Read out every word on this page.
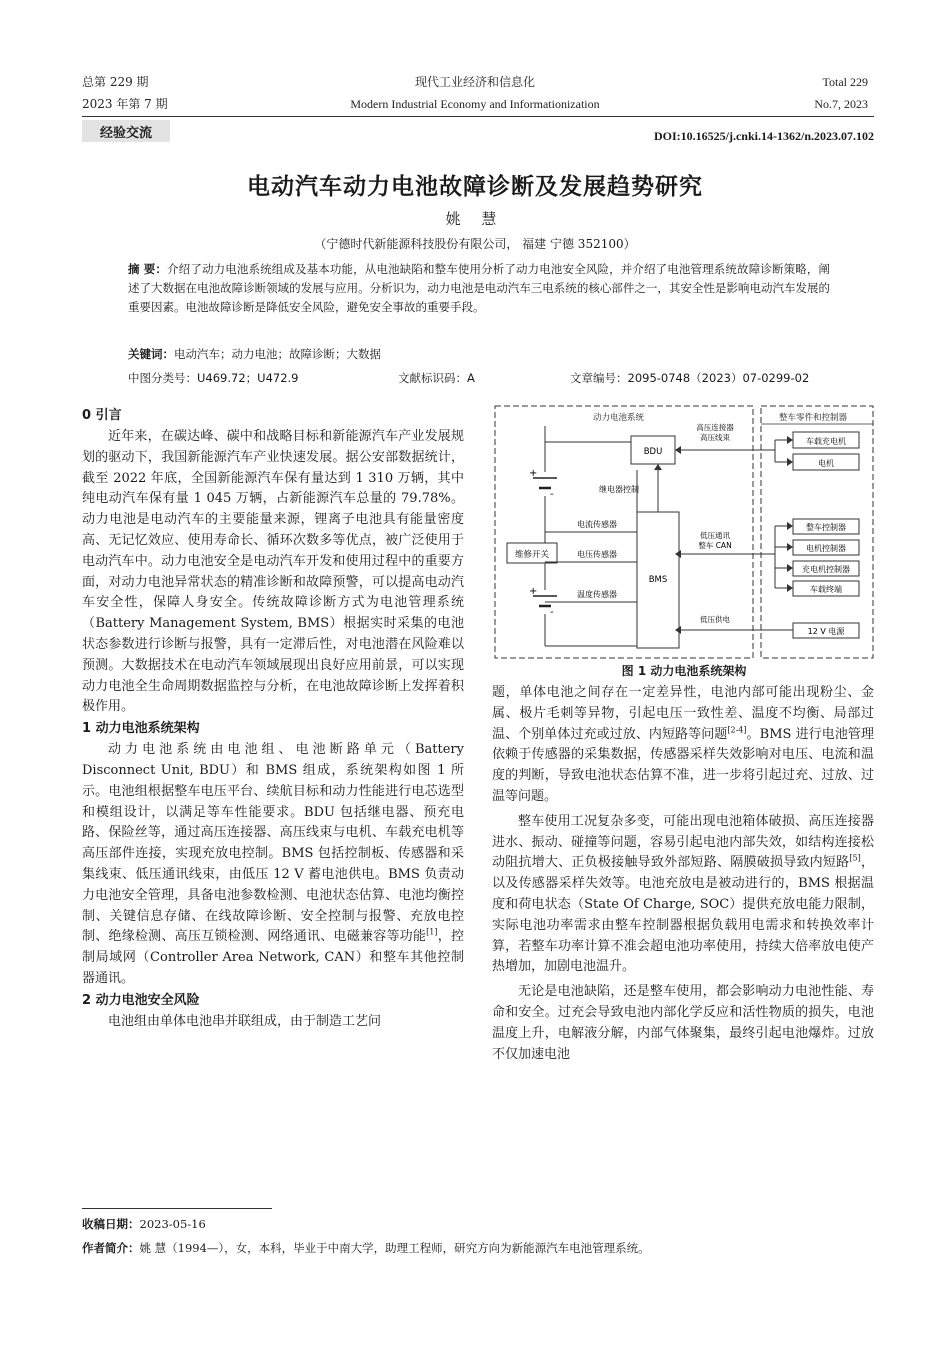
总第 229 期
2023 年第 7 期
现代工业经济和信息化
Modern Industrial Economy and Informationization
Total 229
No.7, 2023
经验交流	DOI:10.16525/j.cnki.14-1362/n.2023.07.102
电动汽车动力电池故障诊断及发展趋势研究
姚 慧
（宁德时代新能源科技股份有限公司， 福建 宁德 352100）
摘 要：介绍了动力电池系统组成及基本功能，从电池缺陷和整车使用分析了动力电池安全风险，并介绍了电池管理系统故障诊断策略，阐述了大数据在电池故障诊断领域的发展与应用。分析识为，动力电池是电动汽车三电系统的核心部件之一，其安全性是影响电动汽车发展的重要因素。电池故障诊断是降低安全风险，避免安全事故的重要手段。
关键词：电动汽车；动力电池；故障诊断；大数据
中图分类号：U469.72；U472.9	文献标识码：A	文章编号：2095-0748（2023）07-0299-02
0 引言

近年来，在碳达峰、碳中和战略目标和新能源汽车产业发展规划的驱动下，我国新能源汽车产业快速发展。据公安部数据统计，截至 2022 年底，全国新能源汽车保有量达到 1 310 万辆，其中纯电动汽车保有量 1 045 万辆，占新能源汽车总量的 79.78%。动力电池是电动汽车的主要能量来源，锂离子电池具有能量密度高、无记忆效应、使用寿命长、循环次数多等优点，被广泛使用于电动汽车中。动力电池安全是电动汽车开发和使用过程中的重要方面，对动力电池异常状态的精准诊断和故障预警，可以提高电动汽车安全性，保障人身安全。传统故障诊断方式为电池管理系统（Battery Management System, BMS）根据实时采集的电池状态参数进行诊断与报警，具有一定滞后性，对电池潜在风险难以预测。大数据技术在电动汽车领域展现出良好应用前景，可以实现动力电池全生命周期数据监控与分析，在电池故障诊断上发挥着积极作用。

1 动力电池系统架构

动力电池系统由电池组、电池断路单元（Battery Disconnect Unit, BDU）和 BMS 组成，系统架构如图 1 所示。电池组根据整车电压平台、续航目标和动力性能进行电芯选型和模组设计，以满足等车性能要求。BDU 包括继电器、预充电路、保险丝等，通过高压连接器、高压线束与电机、车载充电机等高压部件连接，实现充放电控制。BMS 包括控制板、传感器和采集线束、低压通讯线束，由低压 12 V 蓄电池供电。BMS 负责动力电池安全管理，具备电池参数检测、电池状态估算、电池均衡控制、关键信息存储、在线故障诊断、安全控制与报警、充放电控制、绝缘检测、高压互锁检测、网络通讯、电磁兼容等功能[1]，控制局域网（Controller Area Network, CAN）和整车其他控制器通讯。

2 动力电池安全风险

电池组由单体电池串并联组成，由于制造工艺问

动力电池系统	整车零件和控制器
+
-
+
-
维修开关
BDU
BMS
继电器控制
电流传感器
电压传感器
温度传感器
高压连接器
高压线束	车载充电机
电机
低压通讯
整车 CAN
整车控制器
电机控制器
充电机控制器
车载终端
低压供电
12 V 电源
图 1 动力电池系统架构

题，单体电池之间存在一定差异性，电池内部可能出现粉尘、金属、极片毛刺等异物，引起电压一致性差、温度不均衡、局部过温、个别单体过充或过放、内短路等问题[2-4]。BMS 进行电池管理依赖于传感器的采集数据，传感器采样失效影响对电压、电流和温度的判断，导致电池状态估算不准，进一步将引起过充、过放、过温等问题。

整车使用工况复杂多变，可能出现电池箱体破损、高压连接器进水、振动、碰撞等问题，容易引起电池内部失效，如结构连接松动阻抗增大、正负极接触导致外部短路、隔膜破损导致内短路[5]，以及传感器采样失效等。电池充放电是被动进行的，BMS 根据温度和荷电状态（State Of Charge, SOC）提供充放电能力限制，实际电池功率需求由整车控制器根据负载用电需求和转换效率计算，若整车功率计算不准会超电池功率使用，持续大倍率放电使产热增加，加剧电池温升。

无论是电池缺陷，还是整车使用，都会影响动力电池性能、寿命和安全。过充会导致电池内部化学反应和活性物质的损失，电池温度上升，电解液分解，内部气体聚集，最终引起电池爆炸。过放不仅加速电池

收稿日期：2023-05-16
作者简介：姚 慧（1994—），女，本科，毕业于中南大学，助理工程师，研究方向为新能源汽车电池管理系统。
